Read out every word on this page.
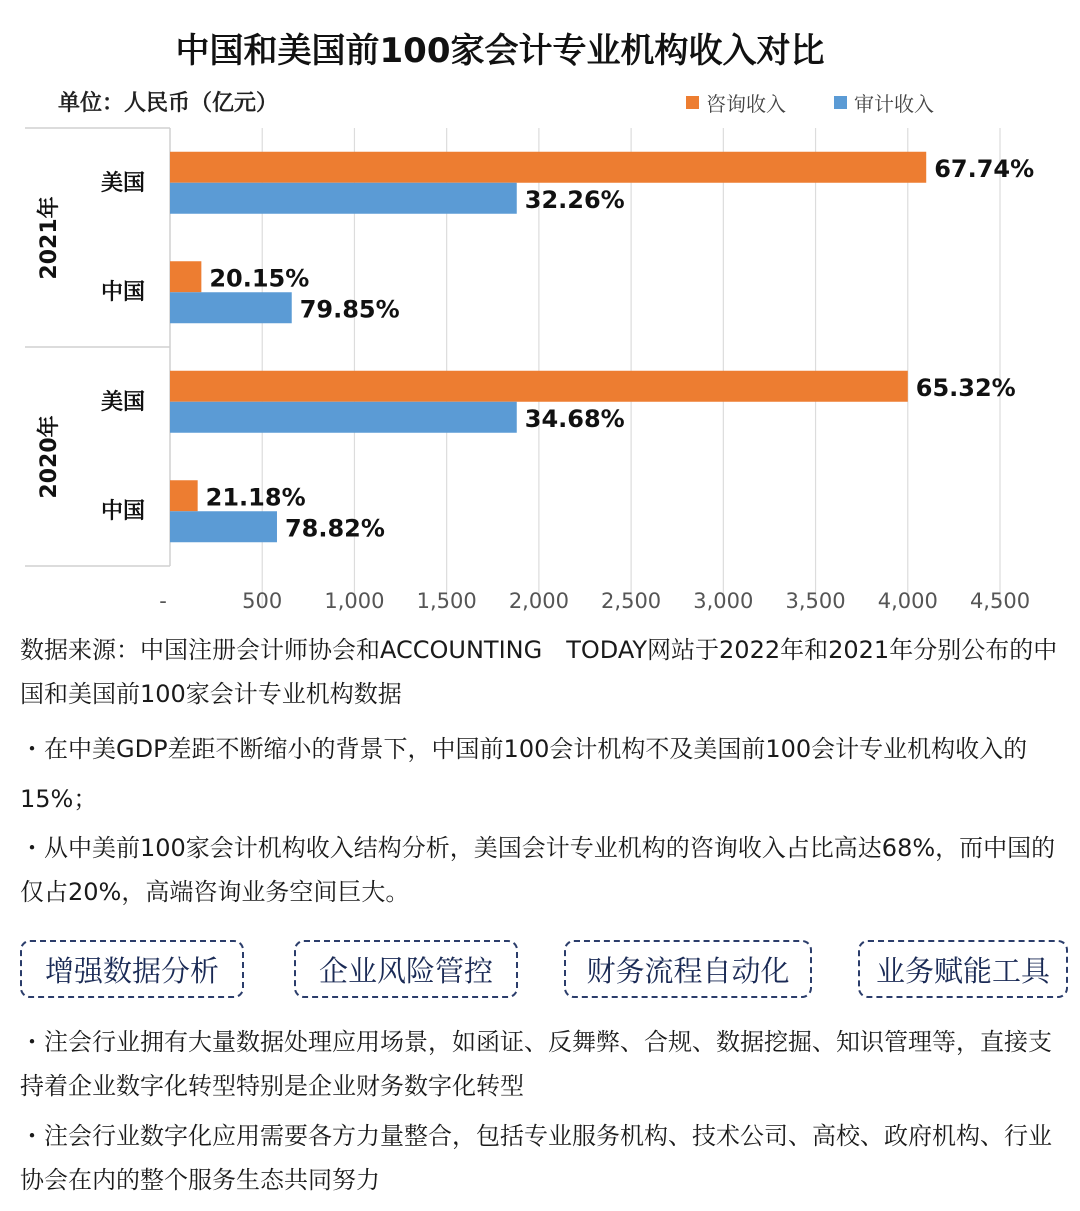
中国和美国前100家会计专业机构收入对比
单位：人民币（亿元）	咨询收入	审计收入
2021年
2020年
美国
中国
美国
中国
67.74%
32.26%
20.15%
79.85%
65.32%
34.68%
21.18%
78.82%
-	500 1,000 1,500 2,000 2,500 3,000 3,500 4,000 4,500
数据来源：中国注册会计师协会和ACCOUNTING　TODAY网站于2022年和2021年分别公布的中国和美国前100家会计专业机构数据
・在中美GDP差距不断缩小的背景下，中国前100会计机构不及美国前100会计专业机构收入的15%；
・从中美前100家会计机构收入结构分析，美国会计专业机构的咨询收入占比高达68%，而中国的仅占20%，高端咨询业务空间巨大。
增强数据分析	企业风险管控	财务流程自动化	业务赋能工具
・注会行业拥有大量数据处理应用场景，如函证、反舞弊、合规、数据挖掘、知识管理等，直接支持着企业数字化转型特别是企业财务数字化转型
・注会行业数字化应用需要各方力量整合，包括专业服务机构、技术公司、高校、政府机构、行业协会在内的整个服务生态共同努力
